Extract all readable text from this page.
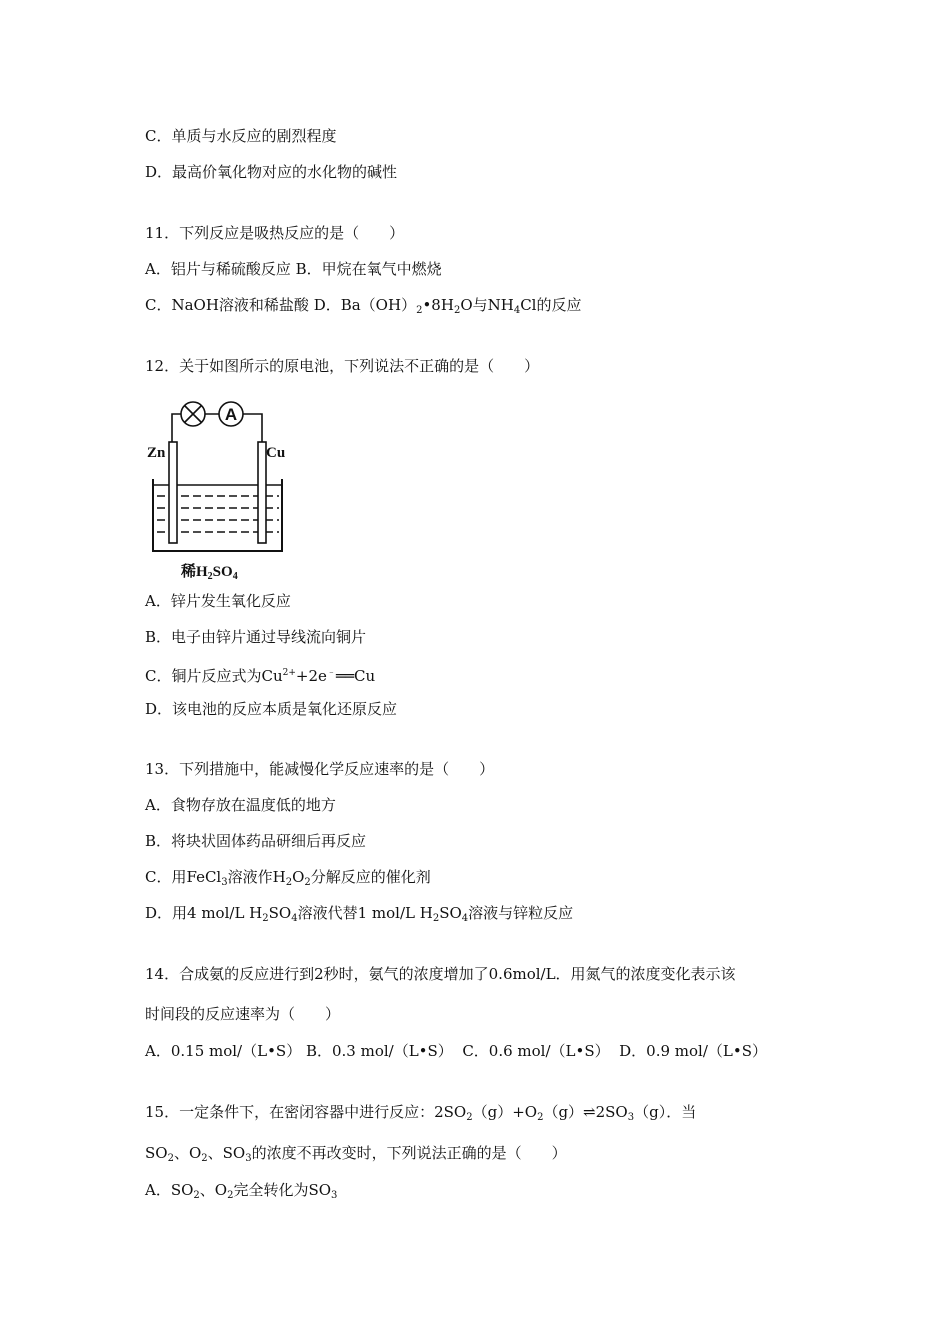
C．单质与水反应的剧烈程度
D．最高价氧化物对应的水化物的碱性
11．下列反应是吸热反应的是（　　）
A．铝片与稀硫酸反应 B．甲烷在氧气中燃烧
C．NaOH溶液和稀盐酸 D．$Ba(OH)_2•8H_2O$与$NH_4Cl$的反应
12．关于如图所示的原电池，下列说法不正确的是（　　）
A
Zn	Cu
稀$H_2SO_4$
A．锌片发生氧化反应
B．电子由锌片通过导线流向铜片
C．铜片反应式为$Cu^{2+}+2e^﹣══Cu$
D．该电池的反应本质是氧化还原反应
13．下列措施中，能减慢化学反应速率的是（　　）
A．食物存放在温度低的地方
B．将块状固体药品研细后再反应
C．用FeCl$_3$溶液作$H_2O_2$分解反应的催化剂
D．用4 mol/L $H_2SO_4$溶液代替1 mol/L $H_2SO_4$溶液与锌粒反应
14．合成氨的反应进行到2秒时，氨气的浓度增加了0.6mol/L．用氮气的浓度变化表示该
时间段的反应速率为（　　）
A．0.15 mol/（L•S） B．0.3 mol/（L•S）  C．0.6 mol/（L•S）  D．0.9 mol/（L•S）
15．一定条件下，在密闭容器中进行反应：$2SO_2(g)+O_2(g)\rightleftharpoons 2SO_3(g)$．当
$SO_2$、$O_2$、$SO_3$的浓度不再改变时，下列说法正确的是（　　）
A．$SO_2$、$O_2$完全转化为$SO_3$
